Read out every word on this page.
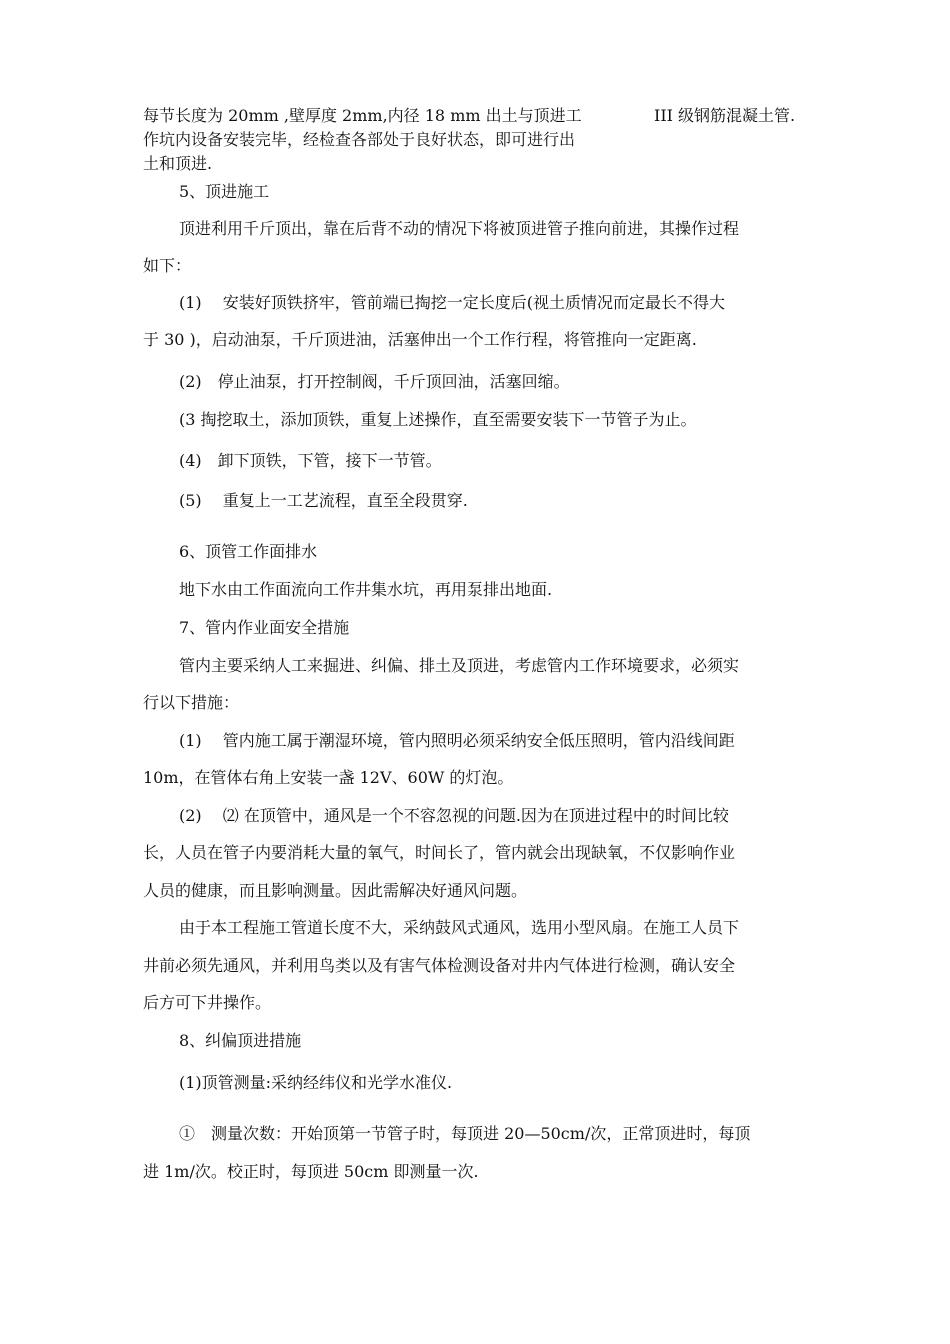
每节长度为 20mm ,壁厚度 2mm,内径 18 mm 出土与顶进工
作坑内设备安装完毕，经检查各部处于良好状态，即可进行出
土和顶进.
III 级钢筋混凝土管.
5、顶进施工
顶进利用千斤顶出，靠在后背不动的情况下将被顶进管子推向前进，其操作过程
如下：
(1)　 安装好顶铁挤牢，管前端已掏挖一定长度后(视土质情况而定最长不得大
于 30 )，启动油泵，千斤顶进油，活塞伸出一个工作行程，将管推向一定距离.
(2)　停止油泵，打开控制阀，千斤顶回油，活塞回缩。
(3 掏挖取土，添加顶铁，重复上述操作，直至需要安装下一节管子为止。
(4)　卸下顶铁，下管，接下一节管。
(5)　 重复上一工艺流程，直至全段贯穿.
6、顶管工作面排水
地下水由工作面流向工作井集水坑，再用泵排出地面.
7、管内作业面安全措施
管内主要采纳人工来掘进、纠偏、排土及顶进，考虑管内工作环境要求，必须实
行以下措施：
(1)　 管内施工属于潮湿环境，管内照明必须采纳安全低压照明，管内沿线间距
10m，在管体右角上安装一盏 12V、60W 的灯泡。
(2)　 ⑵ 在顶管中，通风是一个不容忽视的问题.因为在顶进过程中的时间比较
长，人员在管子内要消耗大量的氧气，时间长了，管内就会出现缺氧，不仅影响作业
人员的健康，而且影响测量。因此需解决好通风问题。
由于本工程施工管道长度不大，采纳鼓风式通风，选用小型风扇。在施工人员下
井前必须先通风，并利用鸟类以及有害气体检测设备对井内气体进行检测，确认安全
后方可下井操作。
8、纠偏顶进措施
(1)顶管测量:采纳经纬仪和光学水准仪.
①　测量次数：开始顶第一节管子时，每顶进 20—50cm/次，正常顶进时，每顶
进 1m/次。校正时，每顶进 50cm 即测量一次.
